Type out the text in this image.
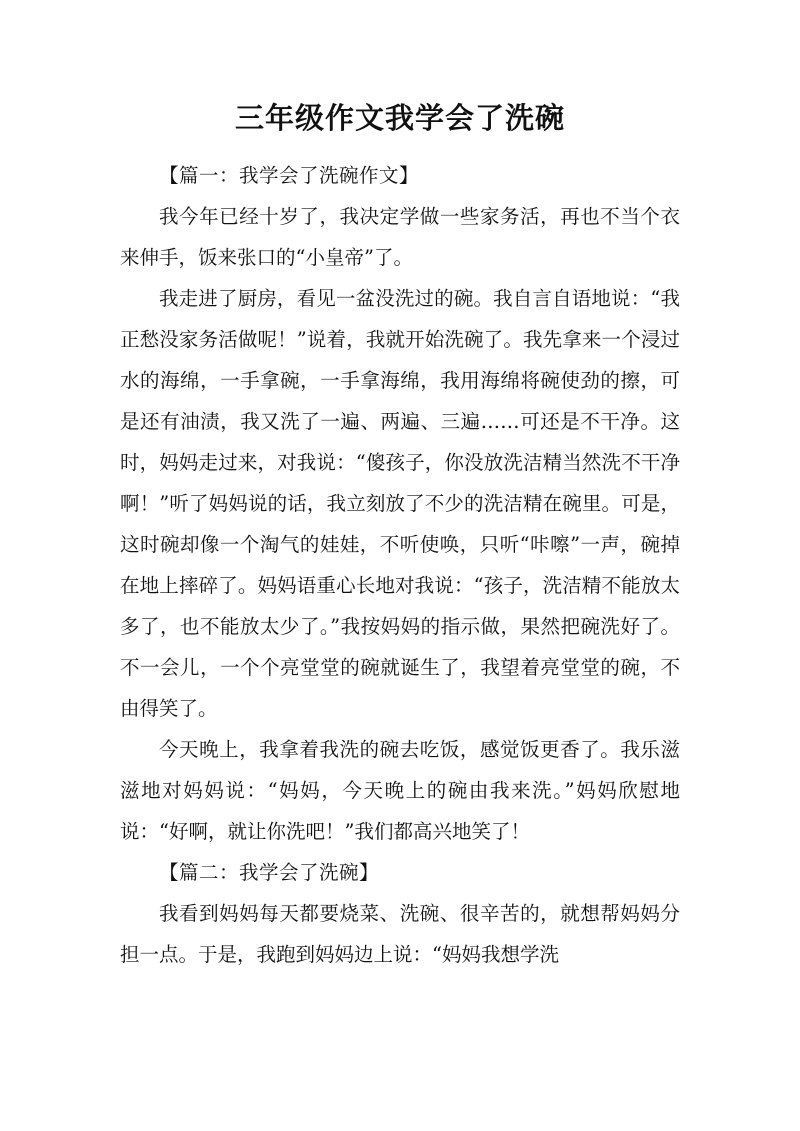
三年级作文我学会了洗碗

【篇一：我学会了洗碗作文】

我今年已经十岁了，我决定学做一些家务活，再也不当个衣来伸手，饭来张口的“小皇帝”了。

我走进了厨房，看见一盆没洗过的碗。我自言自语地说：“我正愁没家务活做呢！”说着，我就开始洗碗了。我先拿来一个浸过水的海绵，一手拿碗，一手拿海绵，我用海绵将碗使劲的擦，可是还有油渍，我又洗了一遍、两遍、三遍……可还是不干净。这时，妈妈走过来，对我说：“傻孩子，你没放洗洁精当然洗不干净啊！”听了妈妈说的话，我立刻放了不少的洗洁精在碗里。可是，这时碗却像一个淘气的娃娃，不听使唤，只听“咔嚓”一声，碗掉在地上摔碎了。妈妈语重心长地对我说：“孩子，洗洁精不能放太多了，也不能放太少了。”我按妈妈的指示做，果然把碗洗好了。不一会儿，一个个亮堂堂的碗就诞生了，我望着亮堂堂的碗，不由得笑了。

今天晚上，我拿着我洗的碗去吃饭，感觉饭更香了。我乐滋滋地对妈妈说：“妈妈，今天晚上的碗由我来洗。”妈妈欣慰地说：“好啊，就让你洗吧！”我们都高兴地笑了！

【篇二：我学会了洗碗】

我看到妈妈每天都要烧菜、洗碗、很辛苦的，就想帮妈妈分担一点。于是，我跑到妈妈边上说：“妈妈我想学洗
